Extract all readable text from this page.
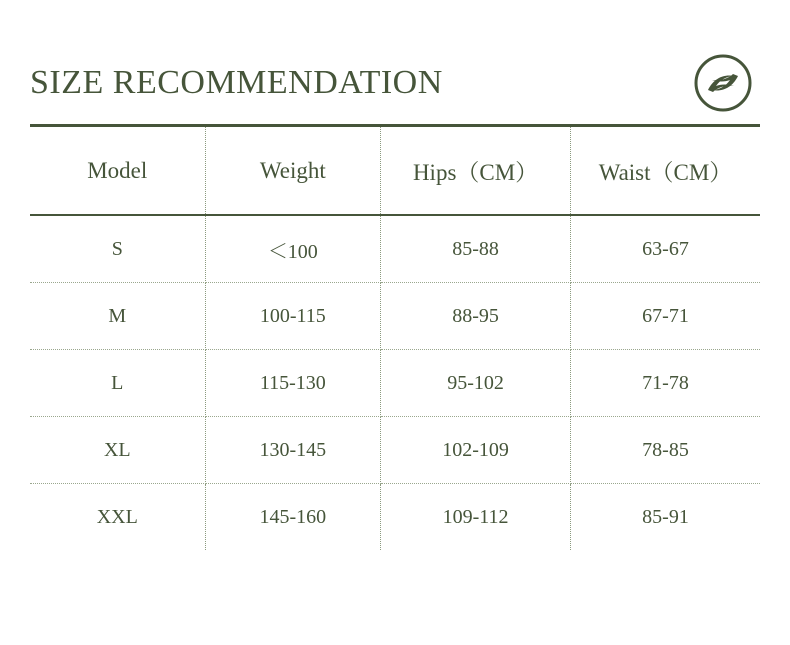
SIZE RECOMMENDATION
Model	Weight	Hips（CM）	Waist（CM）
S	＜100	85-88	63-67
M	100-115	88-95	67-71
L	115-130	95-102	71-78
XL	130-145	102-109	78-85
XXL	145-160	109-112	85-91
